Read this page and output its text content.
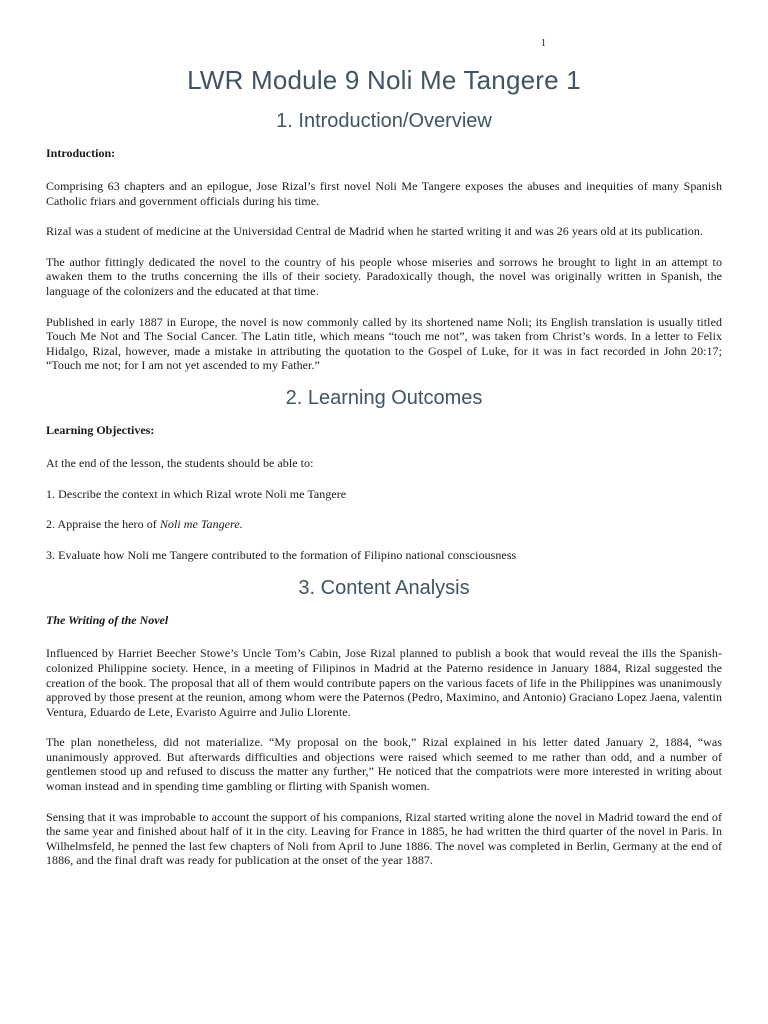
1
LWR Module 9 Noli Me Tangere 1
1. Introduction/Overview
Introduction:

Comprising 63 chapters and an epilogue, Jose Rizal’s first novel Noli Me Tangere exposes the abuses and inequities of many Spanish Catholic friars and government officials during his time.

Rizal was a student of medicine at the Universidad Central de Madrid when he started writing it and was 26 years old at its publication.

The author fittingly dedicated the novel to the country of his people whose miseries and sorrows he brought to light in an attempt to awaken them to the truths concerning the ills of their society. Paradoxically though, the novel was originally written in Spanish, the language of the colonizers and the educated at that time.

Published in early 1887 in Europe, the novel is now commonly called by its shortened name Noli; its English translation is usually titled Touch Me Not and The Social Cancer. The Latin title, which means “touch me not”, was taken from Christ’s words. In a letter to Felix Hidalgo, Rizal, however, made a mistake in attributing the quotation to the Gospel of Luke, for it was in fact recorded in John 20:17; “Touch me not; for I am not yet ascended to my Father.”

2. Learning Outcomes
Learning Objectives:

At the end of the lesson, the students should be able to:

1. Describe the context in which Rizal wrote Noli me Tangere

2. Appraise the hero of Noli me Tangere.

3. Evaluate how Noli me Tangere contributed to the formation of Filipino national consciousness

3. Content Analysis
The Writing of the Novel

Influenced by Harriet Beecher Stowe’s Uncle Tom’s Cabin, Jose Rizal planned to publish a book that would reveal the ills the Spanish-colonized Philippine society. Hence, in a meeting of Filipinos in Madrid at the Paterno residence in January 1884, Rizal suggested the creation of the book. The proposal that all of them would contribute papers on the various facets of life in the Philippines was unanimously approved by those present at the reunion, among whom were the Paternos (Pedro, Maximino, and Antonio) Graciano Lopez Jaena, valentin Ventura, Eduardo de Lete, Evaristo Aguirre and Julio Llorente.

The plan nonetheless, did not materialize. “My proposal on the book,” Rizal explained in his letter dated January 2, 1884, “was unanimously approved. But afterwards difficulties and objections were raised which seemed to me rather than odd, and a number of gentlemen stood up and refused to discuss the matter any further,” He noticed that the compatriots were more interested in writing about woman instead and in spending time gambling or flirting with Spanish women.

Sensing that it was improbable to account the support of his companions, Rizal started writing alone the novel in Madrid toward the end of the same year and finished about half of it in the city. Leaving for France in 1885, he had written the third quarter of the novel in Paris. In Wilhelmsfeld, he penned the last few chapters of Noli from April to June 1886. The novel was completed in Berlin, Germany at the end of 1886, and the final draft was ready for publication at the onset of the year 1887.
